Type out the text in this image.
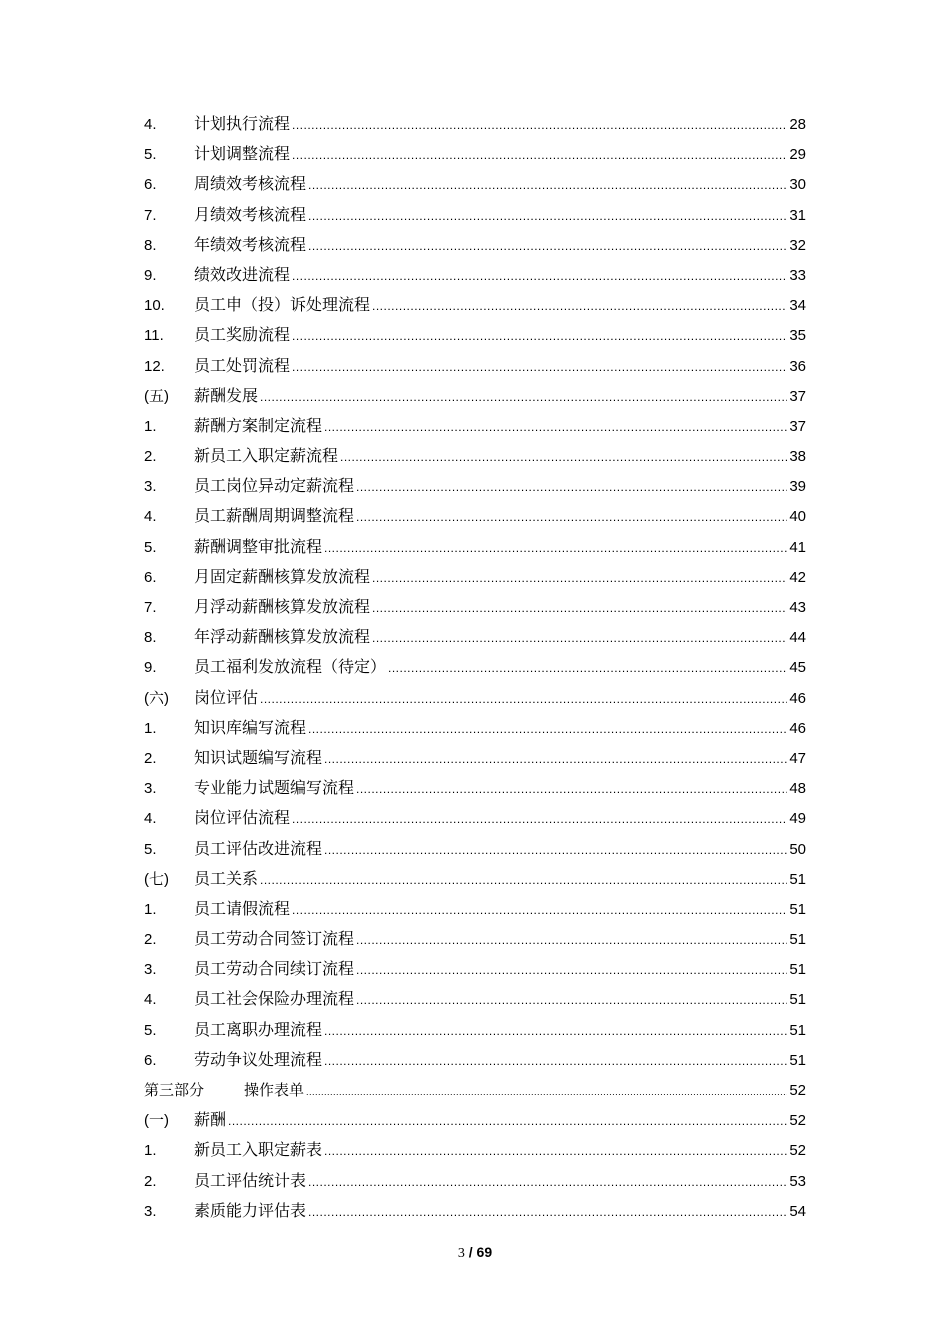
4.	计划执行流程 .....	28
5.	计划调整流程 .....	29
6.	周绩效考核流程 .....	30
7.	月绩效考核流程 .....	31
8.	年绩效考核流程 .....	32
9.	绩效改进流程 .....	33
10.	员工申（投）诉处理流程 .....	34
11.	员工奖励流程 .....	35
12.	员工处罚流程 .....	36
(五)	薪酬发展 .....	37
1.	薪酬方案制定流程 .....	37
2.	新员工入职定薪流程 .....	38
3.	员工岗位异动定薪流程 .....	39
4.	员工薪酬周期调整流程 .....	40
5.	薪酬调整审批流程 .....	41
6.	月固定薪酬核算发放流程 .....	42
7.	月浮动薪酬核算发放流程 .....	43
8.	年浮动薪酬核算发放流程 .....	44
9.	员工福利发放流程（待定） .....	45
(六)	岗位评估 .....	46
1.	知识库编写流程 .....	46
2.	知识试题编写流程 .....	47
3.	专业能力试题编写流程 .....	48
4.	岗位评估流程 .....	49
5.	员工评估改进流程 .....	50
(七)	员工关系 .....	51
1.	员工请假流程 .....	51
2.	员工劳动合同签订流程 .....	51
3.	员工劳动合同续订流程 .....	51
4.	员工社会保险办理流程 .....	51
5.	员工离职办理流程 .....	51
6.	劳动争议处理流程 .....	51
第三部分	操作表单 .....	52
(一)	薪酬 .....	52
1.	新员工入职定薪表 .....	52
2.	员工评估统计表 .....	53
3.	素质能力评估表 .....	54
3 / 69
